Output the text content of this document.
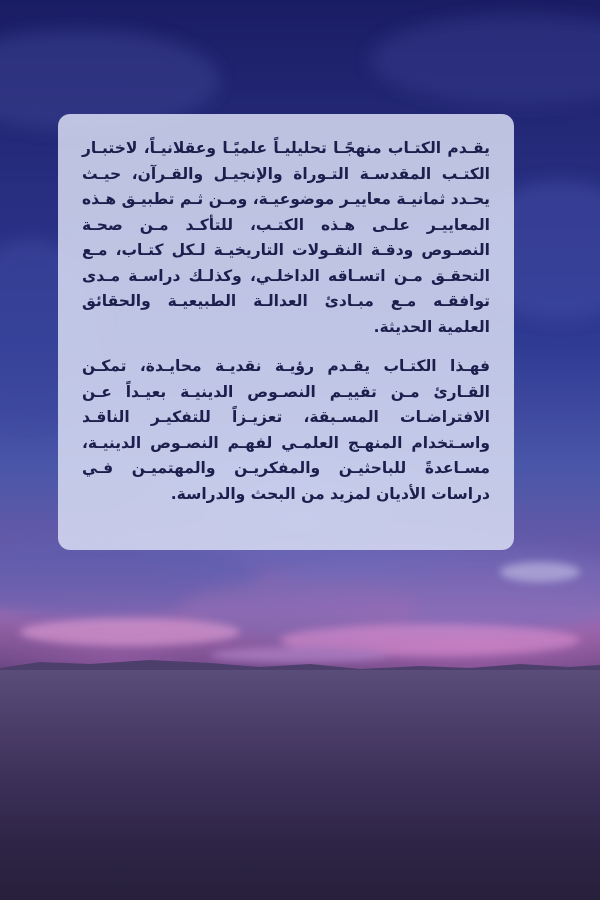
يقـدم الكتـاب منهجًـا تحليليـاً علميًـا وعقلانيـاً، لاختبـار الكتـب المقدسـة التـوراة والإنجيـل والقـرآن، حيـث يحـدد ثمانيـة معاييـر موضوعيـة، ومـن ثـم تطبيـق هـذه المعاييـر علـى هـذه الكتـب، للتأكـد مـن صحـة النصـوص ودقـة النقـولات التاريخيـة لـكل كتـاب، مـع التحقـق مـن اتسـاقه الداخلـي، وكذلـك دراسـة مـدى توافقـه مـع مبـادئ العدالـة الطبيعيـة والحقائق العلمية الحديثة.

فهـذا الكتـاب يقـدم رؤيـة نقديـة محايـدة، تمكـن القـارئ مـن تقييـم النصـوص الدينيـة بعيـداً عـن الافتراضـات المسـبقة، تعزيـزاً للتفكيـر الناقـد واسـتخدام المنهـج العلمـي لفهـم النصـوص الدينيـة، مسـاعدةً للباحثيـن والمفكريـن والمهتميـن فـي دراسات الأديان لمزيد من البحث والدراسة.
